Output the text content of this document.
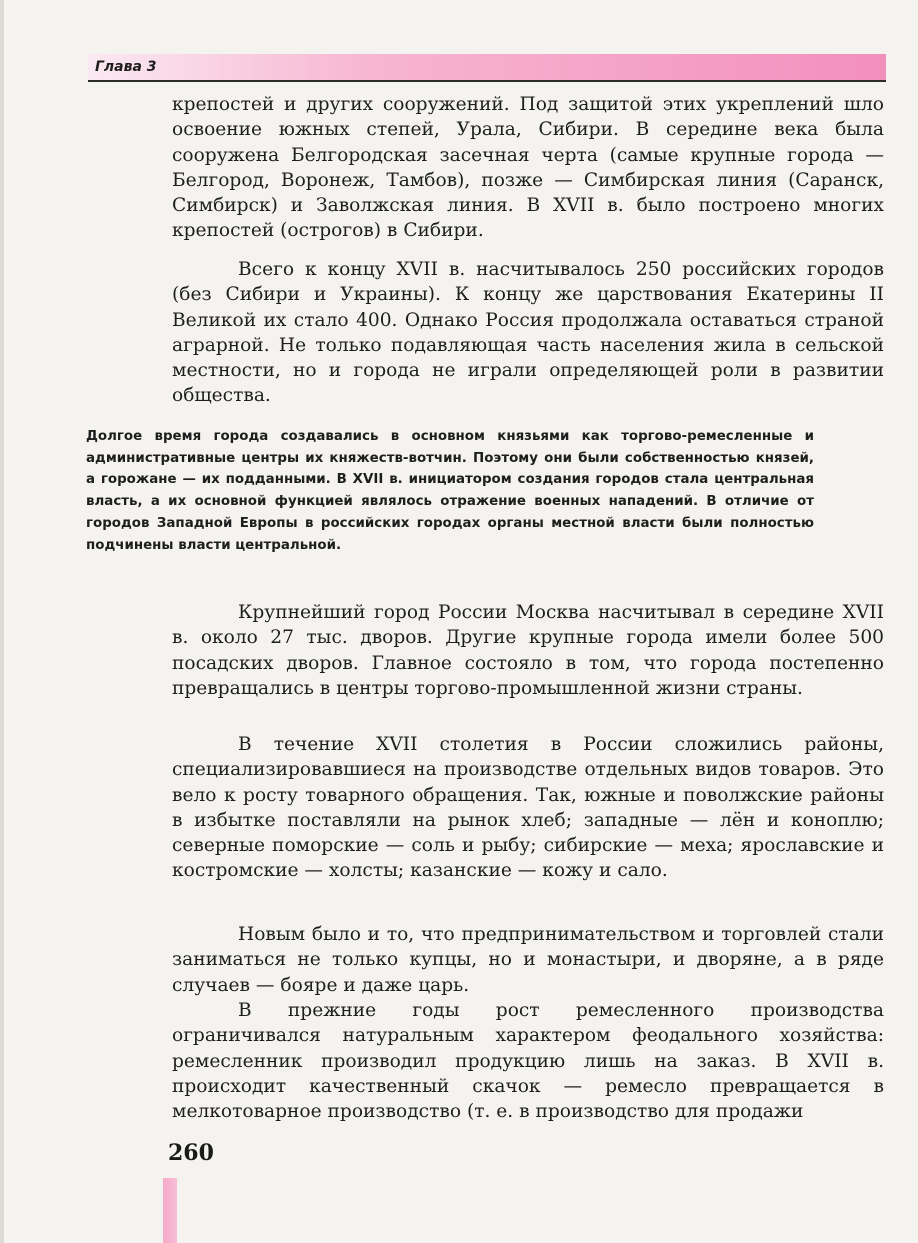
Глава 3

крепостей и других сооружений. Под защитой этих укреплений шло освоение южных степей, Урала, Сибири. В середине века была сооружена Белгородская засечная черта (самые крупные города — Белгород, Воронеж, Тамбов), позже — Симбирская линия (Саранск, Симбирск) и Заволжская линия. В XVII в. было построено многих крепостей (острогов) в Сибири.

Всего к концу XVII в. насчитывалось 250 российских городов (без Сибири и Украины). К концу же царствования Екатерины II Великой их стало 400. Однако Россия продолжала оставаться страной аграрной. Не только подавляющая часть населения жила в сельской местности, но и города не играли определяющей роли в развитии общества.

Долгое время города создавались в основном князьями как торгово-ремесленные и административные центры их княжеств-вотчин. Поэтому они были собственностью князей, а горожане — их подданными. В XVII в. инициатором создания городов стала центральная власть, а их основной функцией являлось отражение военных нападений. В отличие от городов Западной Европы в российских городах органы местной власти были полностью подчинены власти центральной.

Крупнейший город России Москва насчитывал в середине XVII в. около 27 тыс. дворов. Другие крупные города имели более 500 посадских дворов. Главное состояло в том, что города постепенно превращались в центры торгово-промышленной жизни страны.

В течение XVII столетия в России сложились районы, специализировавшиеся на производстве отдельных видов товаров. Это вело к росту товарного обращения. Так, южные и поволжские районы в избытке поставляли на рынок хлеб; западные — лён и коноплю; северные поморские — соль и рыбу; сибирские — меха; ярославские и костромские — холсты; казанские — кожу и сало.

Новым было и то, что предпринимательством и торговлей стали заниматься не только купцы, но и монастыри, и дворяне, а в ряде случаев — бояре и даже царь.

В прежние годы рост ремесленного производства ограничивался натуральным характером феодального хозяйства: ремесленник производил продукцию лишь на заказ. В XVII в. происходит качественный скачок — ремесло превращается в мелкотоварное производство (т. е. в производство для продажи

260
